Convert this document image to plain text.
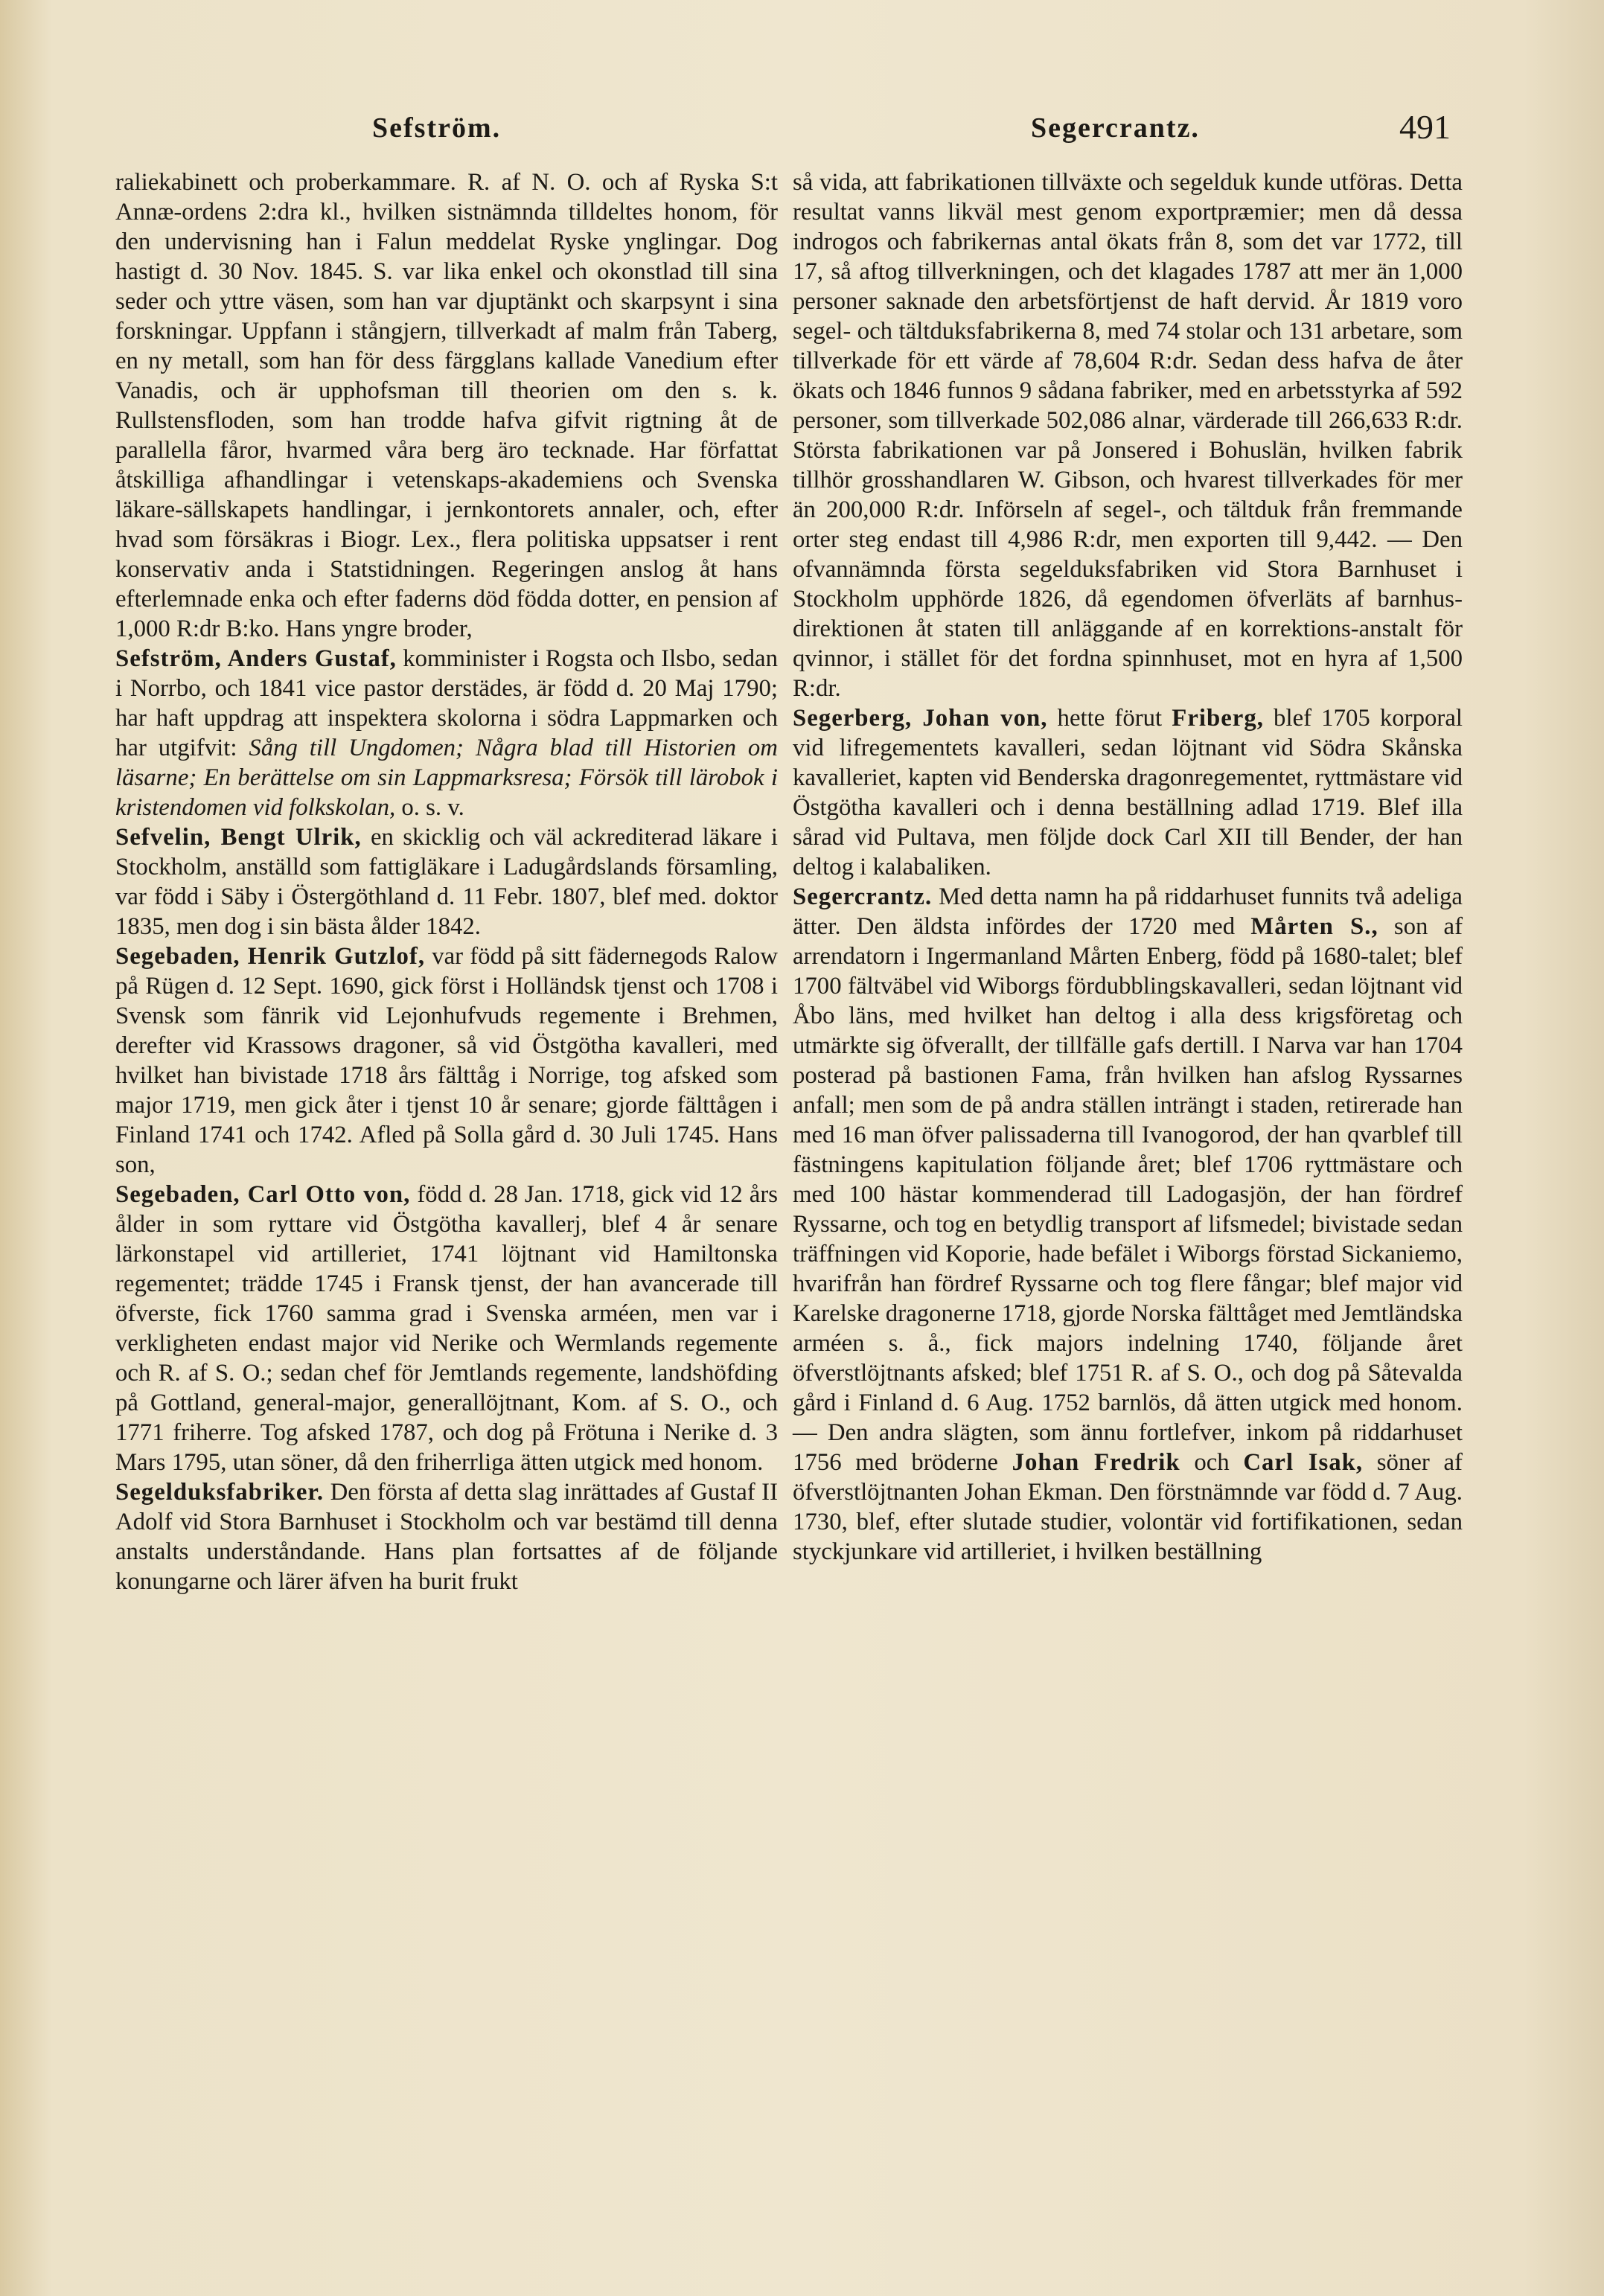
Sefström.	Segercrantz.	491

raliekabinett och proberkammare. R. af N. O. och af Ryska S:t Annæ-ordens 2:dra kl., hvilken sistnämnda tilldeltes honom, för den undervisning han i Falun meddelat Ryske ynglingar. Dog hastigt d. 30 Nov. 1845. S. var lika enkel och okonstlad till sina seder och yttre väsen, som han var djuptänkt och skarpsynt i sina forskningar. Uppfann i stångjern, tillverkadt af malm från Taberg, en ny metall, som han för dess färgglans kallade Vanedium efter Vanadis, och är upphofsman till theorien om den s. k. Rullstensfloden, som han trodde hafva gifvit rigtning åt de parallella fåror, hvarmed våra berg äro tecknade. Har författat åtskilliga afhandlingar i vetenskaps-akademiens och Svenska läkare-sällskapets handlingar, i jernkontorets annaler, och, efter hvad som försäkras i Biogr. Lex., flera politiska uppsatser i rent konservativ anda i Statstidningen. Regeringen anslog åt hans efterlemnade enka och efter faderns död födda dotter, en pension af 1,000 R:dr B:ko. Hans yngre broder,

Sefström, Anders Gustaf, komminister i Rogsta och Ilsbo, sedan i Norrbo, och 1841 vice pastor derstädes, är född d. 20 Maj 1790; har haft uppdrag att inspektera skolorna i södra Lappmarken och har utgifvit: Sång till Ungdomen; Några blad till Historien om läsarne; En berättelse om sin Lappmarksresa; Försök till lärobok i kristendomen vid folkskolan, o. s. v.

Sefvelin, Bengt Ulrik, en skicklig och väl ackrediterad läkare i Stockholm, anställd som fattigläkare i Ladugårdslands församling, var född i Säby i Östergöthland d. 11 Febr. 1807, blef med. doktor 1835, men dog i sin bästa ålder 1842.

Segebaden, Henrik Gutzlof, var född på sitt fädernegods Ralow på Rügen d. 12 Sept. 1690, gick först i Holländsk tjenst och 1708 i Svensk som fänrik vid Lejonhufvuds regemente i Brehmen, derefter vid Krassows dragoner, så vid Östgötha kavalleri, med hvilket han bivistade 1718 års fälttåg i Norrige, tog afsked som major 1719, men gick åter i tjenst 10 år senare; gjorde fälttågen i Finland 1741 och 1742. Afled på Solla gård d. 30 Juli 1745. Hans son,

Segebaden, Carl Otto von, född d. 28 Jan. 1718, gick vid 12 års ålder in som ryttare vid Östgötha kavallerj, blef 4 år senare lärkonstapel vid artilleriet, 1741 löjtnant vid Hamiltonska regementet; trädde 1745 i Fransk tjenst, der han avancerade till öfverste, fick 1760 samma grad i Svenska arméen, men var i verkligheten endast major vid Nerike och Wermlands regemente och R. af S. O.; sedan chef för Jemtlands regemente, landshöfding på Gottland, general-major, generallöjtnant, Kom. af S. O., och 1771 friherre. Tog afsked 1787, och dog på Frötuna i Nerike d. 3 Mars 1795, utan söner, då den friherrliga ätten utgick med honom.

Segelduksfabriker. Den första af detta slag inrättades af Gustaf II Adolf vid Stora Barnhuset i Stockholm och var bestämd till denna anstalts underståndande. Hans plan fortsattes af de följande konungarne och lärer äfven ha burit frukt

så vida, att fabrikationen tillväxte och segelduk kunde utföras. Detta resultat vanns likväl mest genom exportpræmier; men då dessa indrogos och fabrikernas antal ökats från 8, som det var 1772, till 17, så aftog tillverkningen, och det klagades 1787 att mer än 1,000 personer saknade den arbetsförtjenst de haft dervid. År 1819 voro segel- och tältduksfabrikerna 8, med 74 stolar och 131 arbetare, som tillverkade för ett värde af 78,604 R:dr. Sedan dess hafva de åter ökats och 1846 funnos 9 sådana fabriker, med en arbetsstyrka af 592 personer, som tillverkade 502,086 alnar, värderade till 266,633 R:dr. Största fabrikationen var på Jonsered i Bohuslän, hvilken fabrik tillhör grosshandlaren W. Gibson, och hvarest tillverkades för mer än 200,000 R:dr. Införseln af segel-, och tältduk från fremmande orter steg endast till 4,986 R:dr, men exporten till 9,442. — Den ofvannämnda första segelduksfabriken vid Stora Barnhuset i Stockholm upphörde 1826, då egendomen öfverläts af barnhus-direktionen åt staten till anläggande af en korrektions-anstalt för qvinnor, i stället för det fordna spinnhuset, mot en hyra af 1,500 R:dr.

Segerberg, Johan von, hette förut Friberg, blef 1705 korporal vid lifregementets kavalleri, sedan löjtnant vid Södra Skånska kavalleriet, kapten vid Benderska dragonregementet, ryttmästare vid Östgötha kavalleri och i denna beställning adlad 1719. Blef illa sårad vid Pultava, men följde dock Carl XII till Bender, der han deltog i kalabaliken.

Segercrantz. Med detta namn ha på riddarhuset funnits två adeliga ätter. Den äldsta infördes der 1720 med Mårten S., son af arrendatorn i Ingermanland Mårten Enberg, född på 1680-talet; blef 1700 fältväbel vid Wiborgs fördubblingskavalleri, sedan löjtnant vid Åbo läns, med hvilket han deltog i alla dess krigsföretag och utmärkte sig öfverallt, der tillfälle gafs dertill. I Narva var han 1704 posterad på bastionen Fama, från hvilken han afslog Ryssarnes anfall; men som de på andra ställen inträngt i staden, retirerade han med 16 man öfver palissaderna till Ivanogorod, der han qvarblef till fästningens kapitulation följande året; blef 1706 ryttmästare och med 100 hästar kommenderad till Ladogasjön, der han fördref Ryssarne, och tog en betydlig transport af lifsmedel; bivistade sedan träffningen vid Koporie, hade befälet i Wiborgs förstad Sickaniemo, hvarifrån han fördref Ryssarne och tog flere fångar; blef major vid Karelske dragonerne 1718, gjorde Norska fälttåget med Jemtländska arméen s. å., fick majors indelning 1740, följande året öfverstlöjtnants afsked; blef 1751 R. af S. O., och dog på Såtevalda gård i Finland d. 6 Aug. 1752 barnlös, då ätten utgick med honom. — Den andra slägten, som ännu fortlefver, inkom på riddarhuset 1756 med bröderne Johan Fredrik och Carl Isak, söner af öfverstlöjtnanten Johan Ekman. Den förstnämnde var född d. 7 Aug. 1730, blef, efter slutade studier, volontär vid fortifikationen, sedan styckjunkare vid artilleriet, i hvilken beställning
